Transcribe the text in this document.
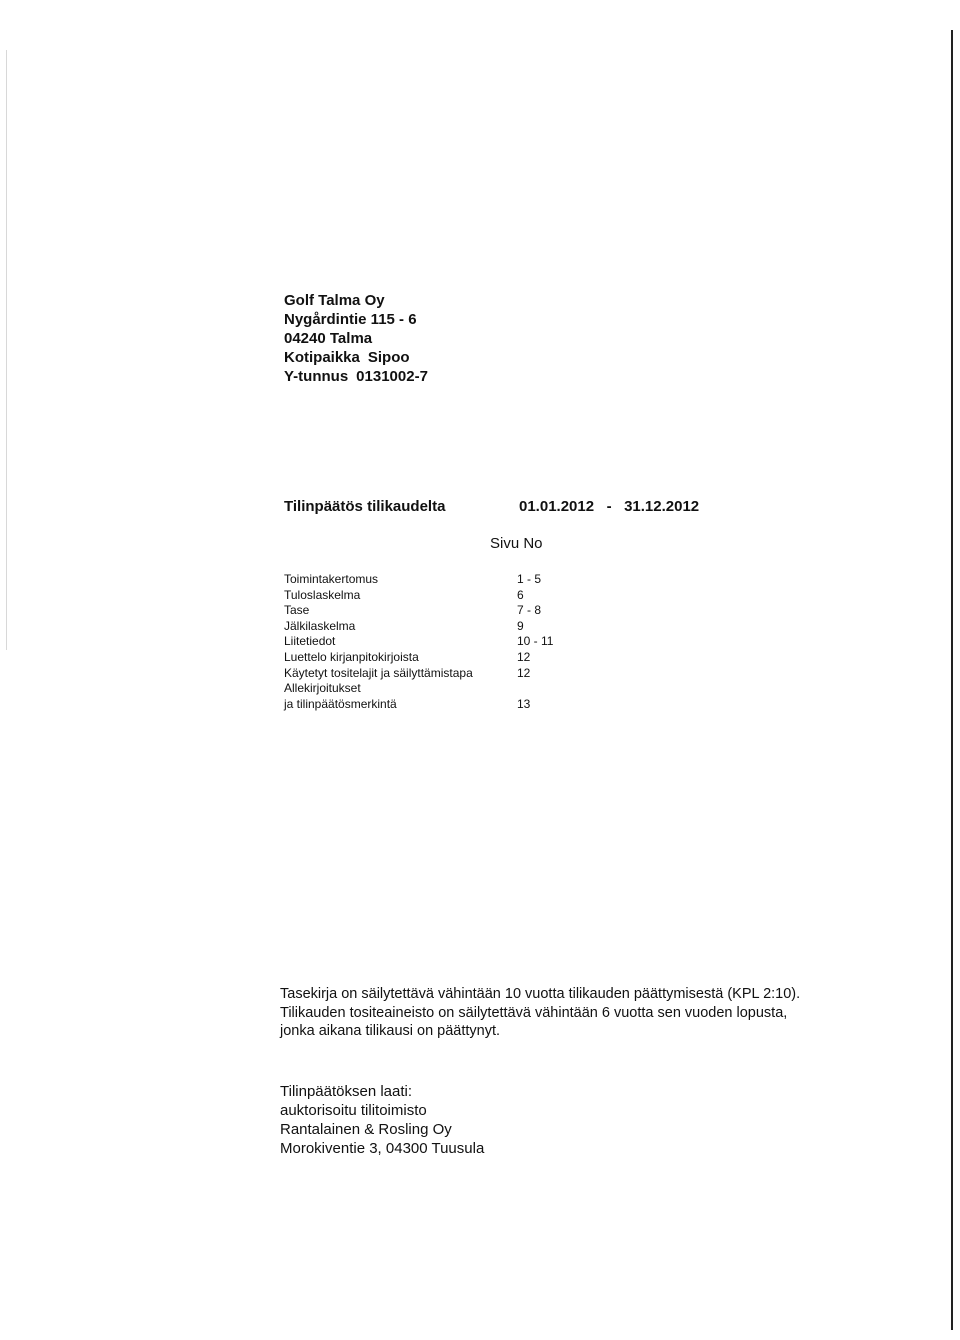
Golf Talma Oy
Nygårdintie 115 - 6
04240 Talma
Kotipaikka Sipoo
Y-tunnus 0131002-7
Tilinpäätös tilikaudelta	01.01.2012 - 31.12.2012
Sivu No
Toimintakertomus	1 - 5
Tuloslaskelma	6
Tase	7 - 8
Jälkilaskelma	9
Liitetiedot	10 - 11
Luettelo kirjanpitokirjoista	12
Käytetyt tositelajit ja säilyttämistapa	12
Allekirjoitukset
ja tilinpäätösmerkintä	13

Tasekirja on säilytettävä vähintään 10 vuotta tilikauden päättymisestä (KPL 2:10).

Tilikauden tositeaineisto on säilytettävä vähintään 6 vuotta sen vuoden lopusta,

jonka aikana tilikausi on päättynyt.

Tilinpäätöksen laati:

auktorisoitu tilitoimisto

Rantalainen & Rosling Oy

Morokiventie 3, 04300 Tuusula
